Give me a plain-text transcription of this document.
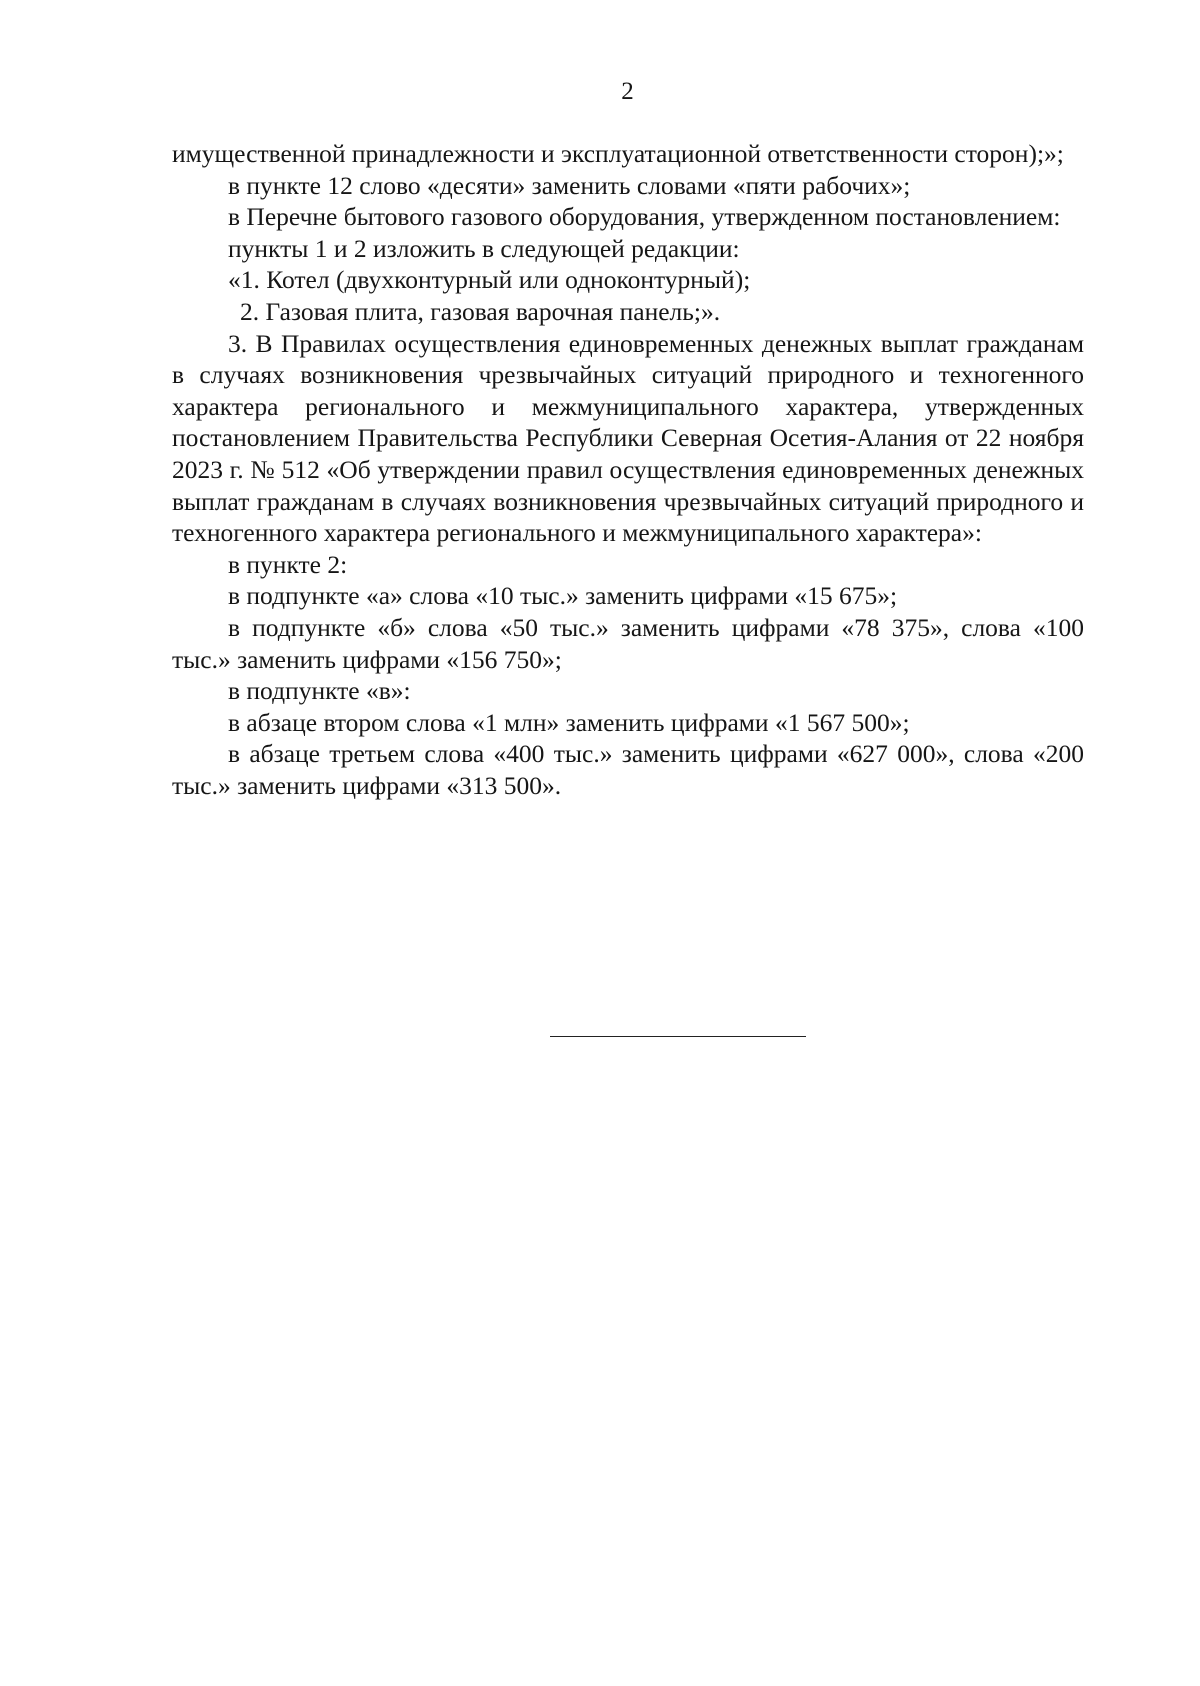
2

имущественной принадлежности и эксплуатационной ответственности сторон);»;

в пункте 12 слово «десяти» заменить словами «пяти рабочих»;

в Перечне бытового газового оборудования, утвержденном постановлением:

пункты 1 и 2 изложить в следующей редакции:

«1. Котел (двухконтурный или одноконтурный);

2. Газовая плита, газовая варочная панель;».

3. В Правилах осуществления единовременных денежных выплат гражданам в случаях возникновения чрезвычайных ситуаций природного и техногенного характера регионального и межмуниципального характера, утвержденных постановлением Правительства Республики Северная Осетия-Алания от 22 ноября 2023 г. № 512 «Об утверждении правил осуществления единовременных денежных выплат гражданам в случаях возникновения чрезвычайных ситуаций природного и техногенного характера регионального и межмуниципального характера»:

в пункте 2:

в подпункте «а» слова «10 тыс.» заменить цифрами «15 675»;

в подпункте «б» слова «50 тыс.» заменить цифрами «78 375», слова «100 тыс.» заменить цифрами «156 750»;

в подпункте «в»:

в абзаце втором слова «1 млн» заменить цифрами «1 567 500»;

в абзаце третьем слова «400 тыс.» заменить цифрами «627 000», слова «200 тыс.» заменить цифрами «313 500».
